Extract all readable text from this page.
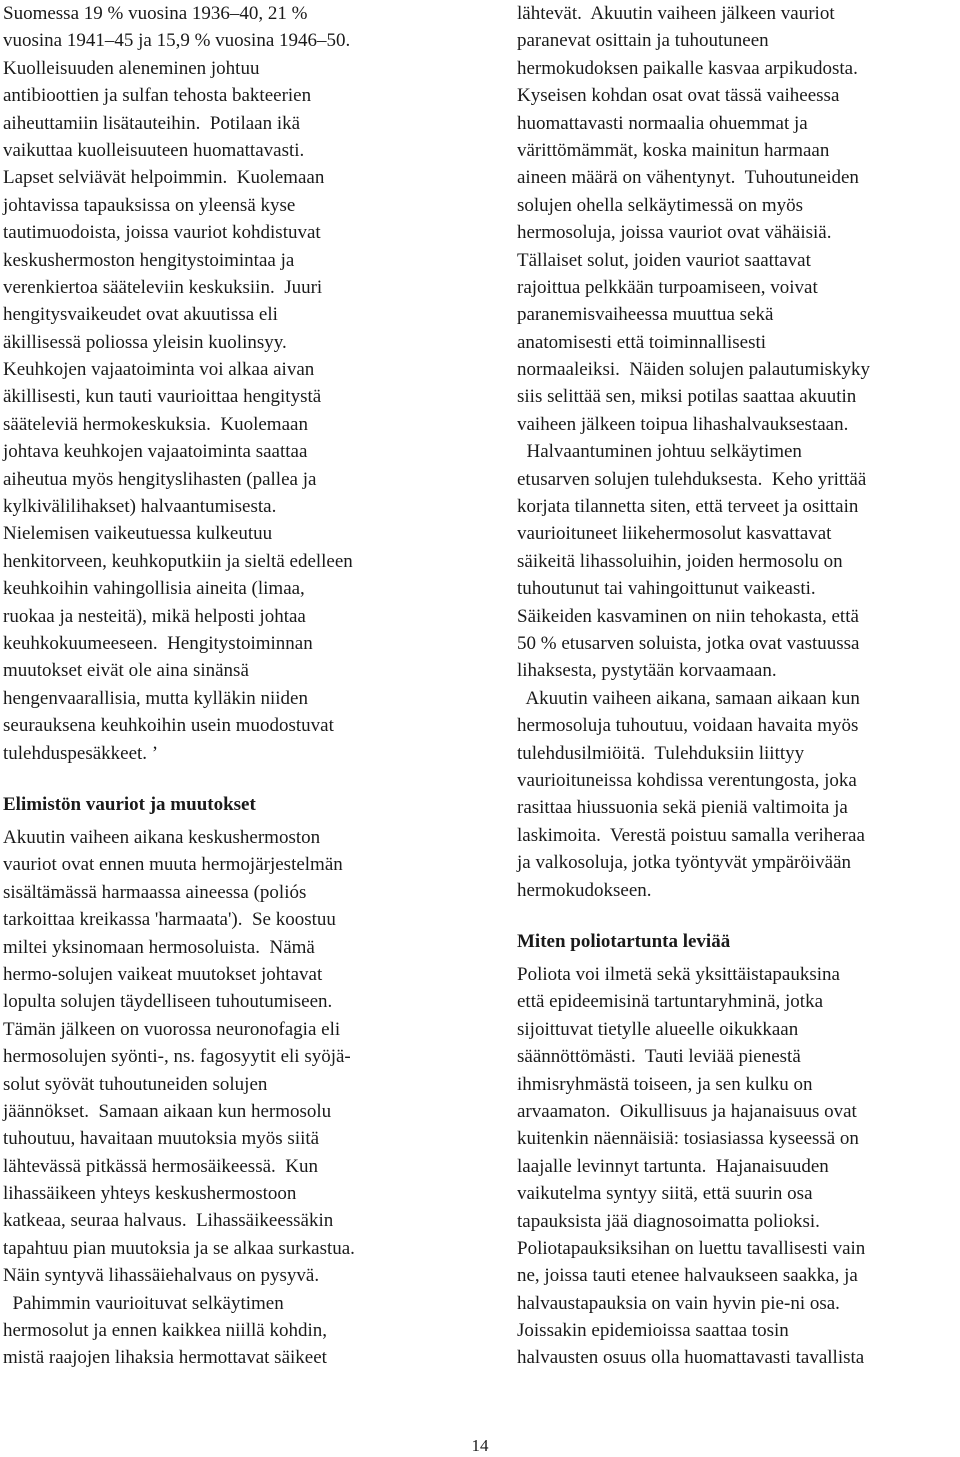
Suomessa 19 % vuosina 1936–40, 21 %
vuosina 1941–45 ja 15,9 % vuosina 1946–50.
Kuolleisuuden aleneminen johtuu
antibioottien ja sulfan tehosta bakteerien
aiheuttamiin lisätauteihin.  Potilaan ikä
vaikuttaa kuolleisuuteen huomattavasti.
Lapset selviävät helpoimmin.  Kuolemaan
johtavissa tapauksissa on yleensä kyse
tautimuodoista, joissa vauriot kohdistuvat
keskushermoston hengitystoimintaa ja
verenkiertoa sääteleviin keskuksiin.  Juuri
hengitysvaikeudet ovat akuutissa eli
äkillisessä poliossa yleisin kuolinsyy.
Keuhkojen vajaatoiminta voi alkaa aivan
äkillisesti, kun tauti vaurioittaa hengitystä
sääteleviä hermokeskuksia.  Kuolemaan
johtava keuhkojen vajaatoiminta saattaa
aiheutua myös hengityslihasten (pallea ja
kylkivälilihakset) halvaantumisesta.
Nielemisen vaikeutuessa kulkeutuu
henkitorveen, keuhkoputkiin ja sieltä edelleen
keuhkoihin vahingollisia aineita (limaa,
ruokaa ja nesteitä), mikä helposti johtaa
keuhkokuumeeseen.  Hengitystoiminnan
muutokset eivät ole aina sinänsä
hengenvaarallisia, mutta kylläkin niiden
seurauksena keuhkoihin usein muodostuvat
tulehduspesäkkeet. ’
Elimistön vauriot ja muutokset
Akuutin vaiheen aikana keskushermoston
vauriot ovat ennen muuta hermojärjestelmän
sisältämässä harmaassa aineessa (poliós
tarkoittaa kreikassa 'harmaata').  Se koostuu
miltei yksinomaan hermosoluista.  Nämä
hermo-solujen vaikeat muutokset johtavat
lopulta solujen täydelliseen tuhoutumiseen.
Tämän jälkeen on vuorossa neuronofagia eli
hermosolujen syönti-, ns. fagosyytit eli syöjä-
solut syövät tuhoutuneiden solujen
jäännökset.  Samaan aikaan kun hermosolu
tuhoutuu, havaitaan muutoksia myös siitä
lähtevässä pitkässä hermosäikeessä.  Kun
lihassäikeen yhteys keskushermostoon
katkeaa, seuraa halvaus.  Lihassäikeessäkin
tapahtuu pian muutoksia ja se alkaa surkastua.
Näin syntyvä lihassäiehalvaus on pysyvä.
Pahimmin vaurioituvat selkäytimen
hermosolut ja ennen kaikkea niillä kohdin,
mistä raajojen lihaksia hermottavat säikeet
lähtevät.  Akuutin vaiheen jälkeen vauriot
paranevat osittain ja tuhoutuneen
hermokudoksen paikalle kasvaa arpikudosta.
Kyseisen kohdan osat ovat tässä vaiheessa
huomattavasti normaalia ohuemmat ja
värittömämmät, koska mainitun harmaan
aineen määrä on vähentynyt.  Tuhoutuneiden
solujen ohella selkäytimessä on myös
hermosoluja, joissa vauriot ovat vähäisiä.
Tällaiset solut, joiden vauriot saattavat
rajoittua pelkkään turpoamiseen, voivat
paranemisvaiheessa muuttua sekä
anatomisesti että toiminnallisesti
normaaleiksi.  Näiden solujen palautumiskyky
siis selittää sen, miksi potilas saattaa akuutin
vaiheen jälkeen toipua lihashalvauksestaan.
Halvaantuminen johtuu selkäytimen
etusarven solujen tulehduksesta.  Keho yrittää
korjata tilannetta siten, että terveet ja osittain
vaurioituneet liikehermosolut kasvattavat
säikeitä lihassoluihin, joiden hermosolu on
tuhoutunut tai vahingoittunut vaikeasti.
Säikeiden kasvaminen on niin tehokasta, että
50 % etusarven soluista, jotka ovat vastuussa
lihaksesta, pystytään korvaamaan.
Akuutin vaiheen aikana, samaan aikaan kun
hermosoluja tuhoutuu, voidaan havaita myös
tulehdusilmiöitä.  Tulehduksiin liittyy
vaurioituneissa kohdissa verentungosta, joka
rasittaa hiussuonia sekä pieniä valtimoita ja
laskimoita.  Verestä poistuu samalla veriheraa
ja valkosoluja, jotka työntyvät ympäröivään
hermokudokseen.
Miten poliotartunta leviää
Poliota voi ilmetä sekä yksittäistapauksina
että epideemisinä tartuntaryhminä, jotka
sijoittuvat tietylle alueelle oikukkaan
säännöttömästi.  Tauti leviää pienestä
ihmisryhmästä toiseen, ja sen kulku on
arvaamaton.  Oikullisuus ja hajanaisuus ovat
kuitenkin näennäisiä: tosiasiassa kyseessä on
laajalle levinnyt tartunta.  Hajanaisuuden
vaikutelma syntyy siitä, että suurin osa
tapauksista jää diagnosoimatta polioksi.
Poliotapauksiksihan on luettu tavallisesti vain
ne, joissa tauti etenee halvaukseen saakka, ja
halvaustapauksia on vain hyvin pie-ni osa.
Joissakin epidemioissa saattaa tosin
halvausten osuus olla huomattavasti tavallista
14
